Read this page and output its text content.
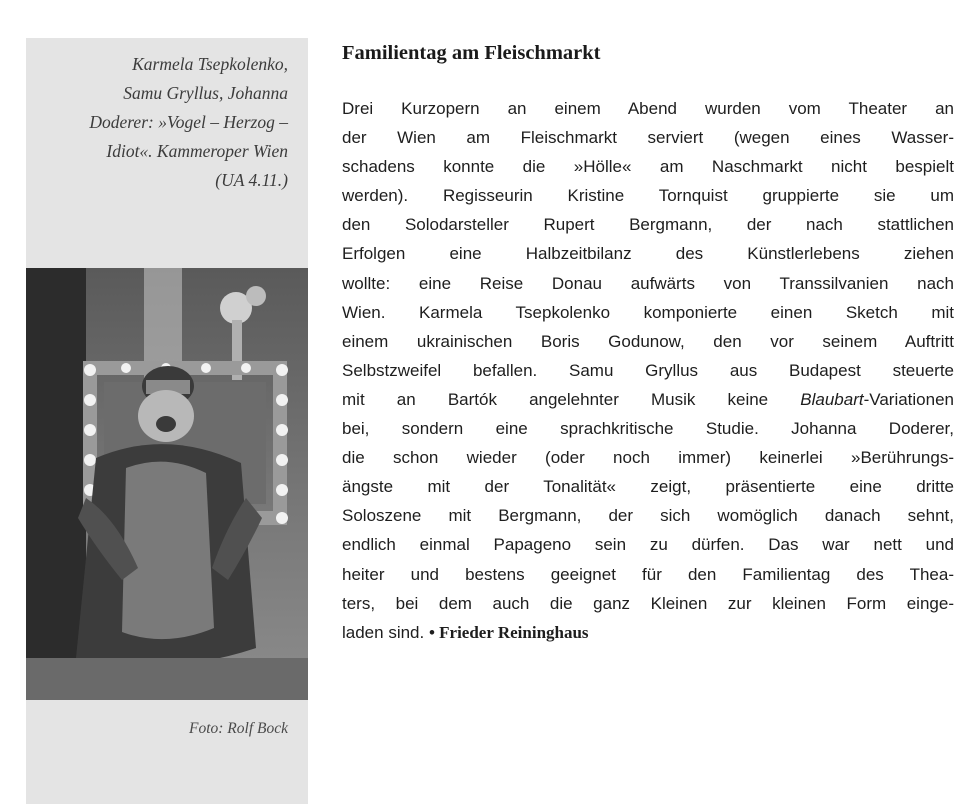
Karmela Tsepkolenko,
Samu Gryllus, Johanna
Doderer: »Vogel – Herzog –
Idiot«. Kammeroper Wien
(UA 4.11.)
Foto: Rolf Bock
Familientag am Fleischmarkt
Drei Kurzopern an einem Abend wurden vom Theater an
der Wien am Fleischmarkt serviert (wegen eines Wasser-
schadens konnte die »Hölle« am Naschmarkt nicht bespielt
werden). Regisseurin Kristine Tornquist gruppierte sie um
den Solodarsteller Rupert Bergmann, der nach stattlichen
Erfolgen eine Halbzeitbilanz des Künstlerlebens ziehen
wollte: eine Reise Donau aufwärts von Transsilvanien nach
Wien. Karmela Tsepkolenko komponierte einen Sketch mit
einem ukrainischen Boris Godunow, den vor seinem Auftritt
Selbstzweifel befallen. Samu Gryllus aus Budapest steuerte
mit an Bartók angelehnter Musik keine Blaubart-Variationen
bei, sondern eine sprachkritische Studie. Johanna Doderer,
die schon wieder (oder noch immer) keinerlei »Berührungs-
ängste mit der Tonalität« zeigt, präsentierte eine dritte
Soloszene mit Bergmann, der sich womöglich danach sehnt,
endlich einmal Papageno sein zu dürfen. Das war nett und
heiter und bestens geeignet für den Familientag des Thea-
ters, bei dem auch die ganz Kleinen zur kleinen Form einge-
laden sind. • Frieder Reininghaus
